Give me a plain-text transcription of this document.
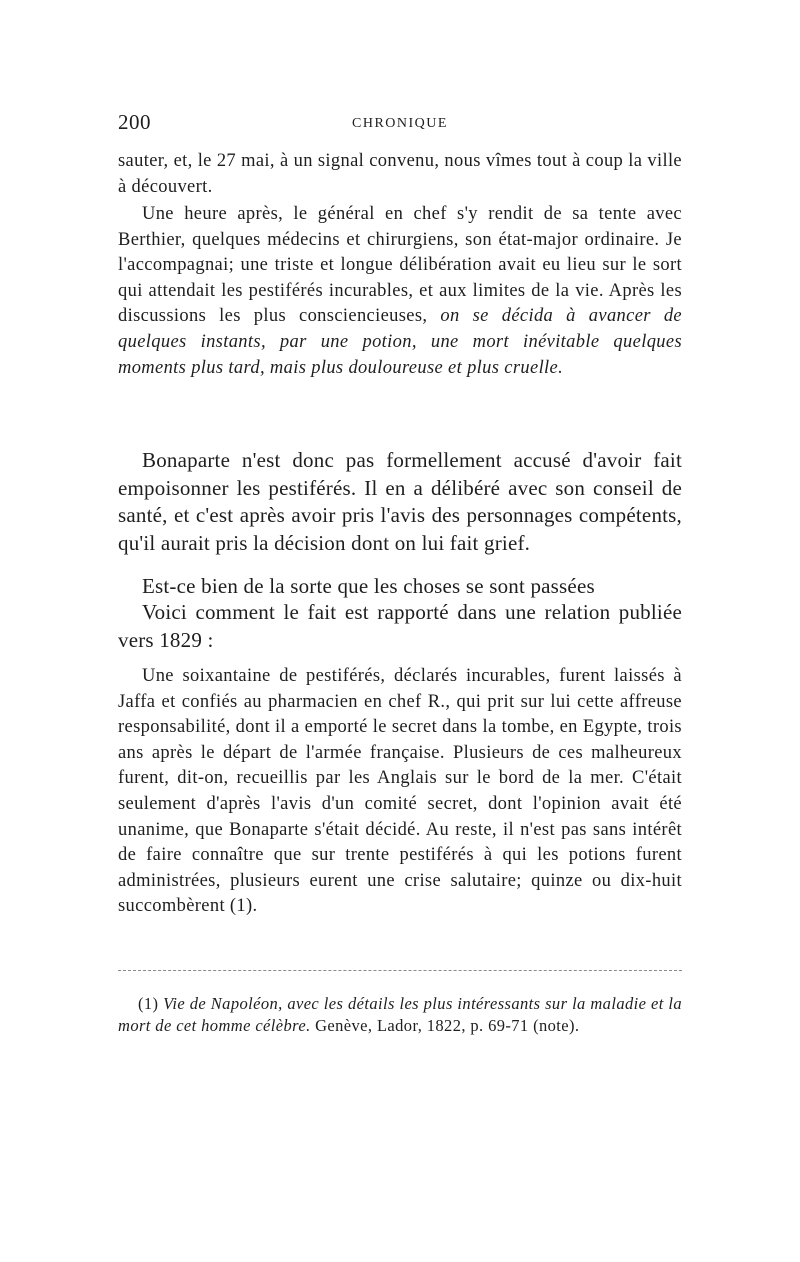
200	CHRONIQUE

sauter, et, le 27 mai, à un signal convenu, nous vîmes tout à coup la ville à découvert.

Une heure après, le général en chef s'y rendit de sa tente avec Berthier, quelques médecins et chirurgiens, son état-major ordinaire. Je l'accompagnai; une triste et longue délibération avait eu lieu sur le sort qui attendait les pestiférés incurables, et aux limites de la vie. Après les discussions les plus consciencieuses, on se décida à avancer de quelques instants, par une potion, une mort inévitable quelques moments plus tard, mais plus douloureuse et plus cruelle.

Bonaparte n'est donc pas formellement accusé d'avoir fait empoisonner les pestiférés. Il en a délibéré avec son conseil de santé, et c'est après avoir pris l'avis des personnages compétents, qu'il aurait pris la décision dont on lui fait grief.

Est-ce bien de la sorte que les choses se sont passées

Voici comment le fait est rapporté dans une relation publiée vers 1829 :

Une soixantaine de pestiférés, déclarés incurables, furent laissés à Jaffa et confiés au pharmacien en chef R., qui prit sur lui cette affreuse responsabilité, dont il a emporté le secret dans la tombe, en Egypte, trois ans après le départ de l'armée française. Plusieurs de ces malheureux furent, dit-on, recueillis par les Anglais sur le bord de la mer. C'était seulement d'après l'avis d'un comité secret, dont l'opinion avait été unanime, que Bonaparte s'était décidé. Au reste, il n'est pas sans intérêt de faire connaître que sur trente pestiférés à qui les potions furent administrées, plusieurs eurent une crise salutaire; quinze ou dix-huit succombèrent (1).

(1) Vie de Napoléon, avec les détails les plus intéressants sur la maladie et la mort de cet homme célèbre. Genève, Lador, 1822, p. 69-71 (note).
